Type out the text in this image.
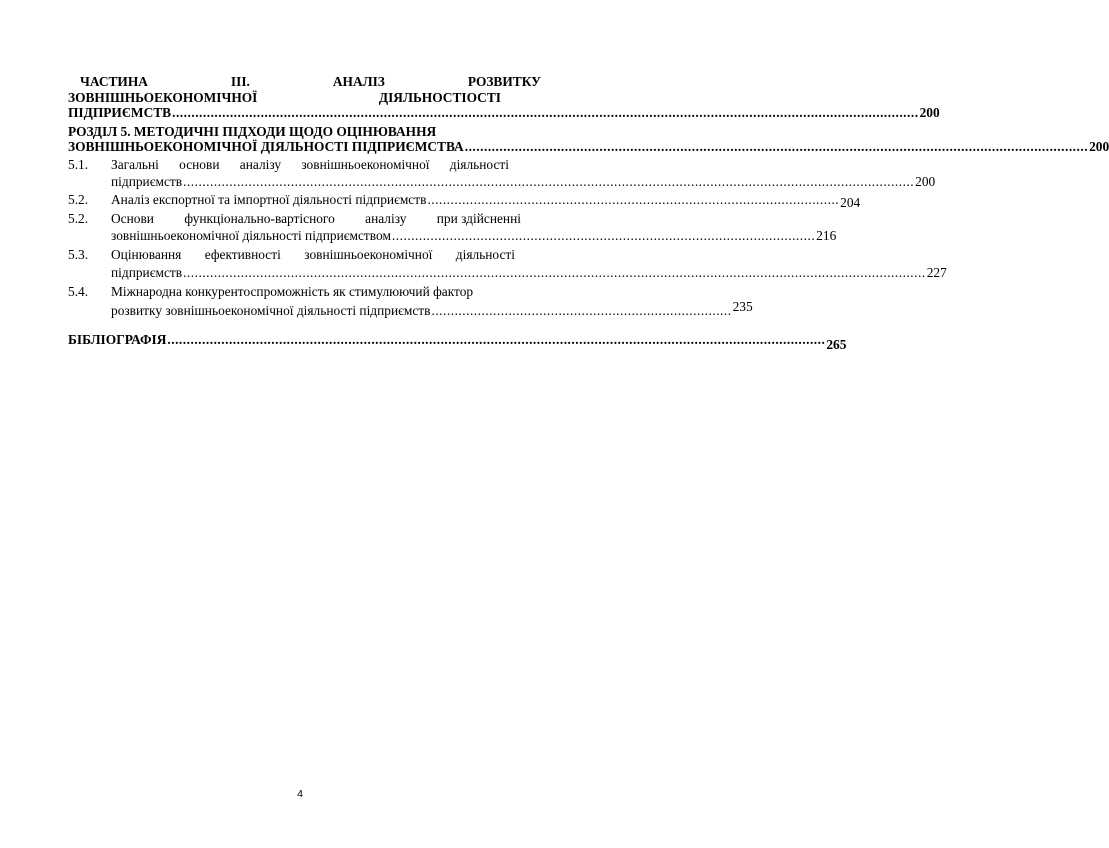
ЧАСТИНА	ІІІ.	АНАЛІЗ	РОЗВИТКУ
ЗОВНІШНЬОЕКОНОМІЧНОЇ	ДІЯЛЬНОСТІОСТІ
ПІДПРИЄМСТВ .................................................................................................................................................................................................. 200
РОЗДІЛ 5. МЕТОДИЧНІ ПІДХОДИ ЩОДО ОЦІНЮВАННЯ
ЗОВНІШНЬОЕКОНОМІЧНОЇ ДІЯЛЬНОСТІ ПІДПРИЄМСТВА .................................................................................................................................................................. 200
5.1. Загальні основи аналізу зовнішньоекономічної діяльності
підприємств .............................................................................................................................................................................................. 200
5.2. Аналіз експортної та імпортної діяльності підприємств ........................................................................................................... 204
5.2. Основи функціонально-вартісного аналізу при здійсненні
зовнішньоекономічної діяльності підприємством .............................................................................................................. 216
5.3. Оцінювання ефективності зовнішньоекономічної діяльності
підприємств ................................................................................................................................................................................................. 227
5.4. Міжнародна конкурентоспроможність як стимулюючий фактор
розвитку зовнішньоекономічної діяльності підприємств .............................................................................. 235
БІБЛІОГРАФІЯ ........................................................................................................................................................................... 265
4
